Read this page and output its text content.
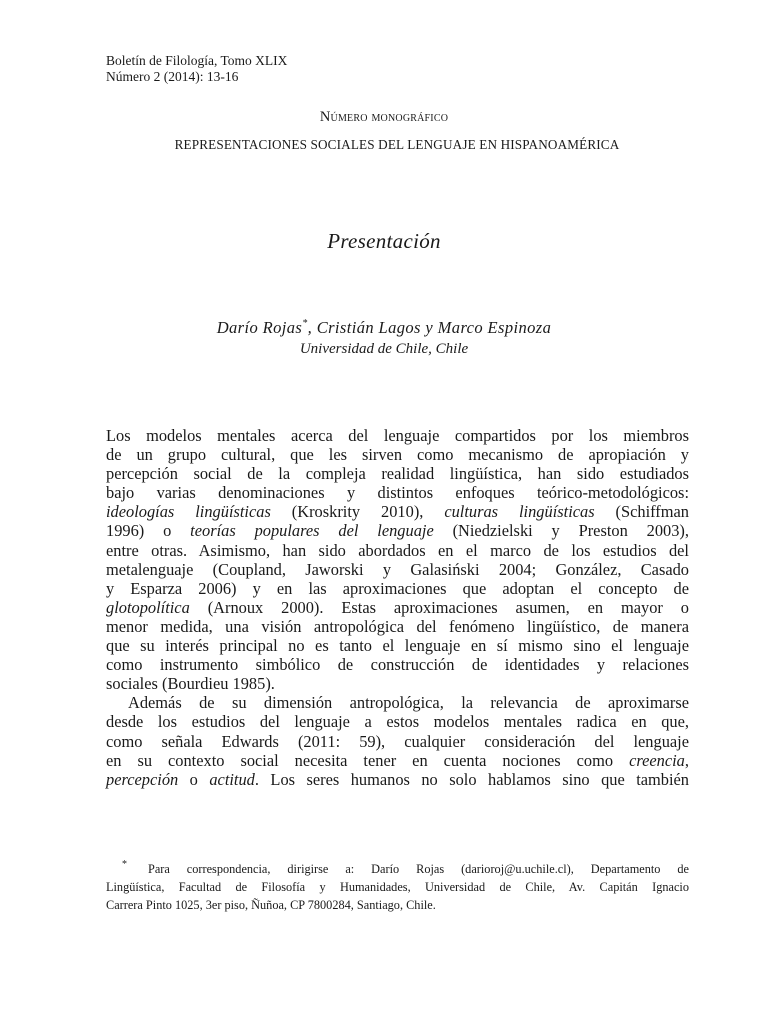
Boletín de Filología, Tomo XLIX
Número 2 (2014): 13-16
Número monográfico
REPRESENTACIONES SOCIALES DEL LENGUAJE EN HISPANOAMÉRICA
Presentación
Darío Rojas*, Cristián Lagos y Marco Espinoza
Universidad de Chile, Chile
Los modelos mentales acerca del lenguaje compartidos por los miembros
de un grupo cultural, que les sirven como mecanismo de apropiación y
percepción social de la compleja realidad lingüística, han sido estudiados
bajo varias denominaciones y distintos enfoques teórico-metodológicos:
ideologías lingüísticas (Kroskrity 2010), culturas lingüísticas (Schiffman
1996) o teorías populares del lenguaje (Niedzielski y Preston 2003),
entre otras. Asimismo, han sido abordados en el marco de los estudios del
metalenguaje (Coupland, Jaworski y Galasiński 2004; González, Casado
y Esparza 2006) y en las aproximaciones que adoptan el concepto de
glotopolítica (Arnoux 2000). Estas aproximaciones asumen, en mayor o
menor medida, una visión antropológica del fenómeno lingüístico, de manera
que su interés principal no es tanto el lenguaje en sí mismo sino el lenguaje
como instrumento simbólico de construcción de identidades y relaciones
sociales (Bourdieu 1985).
Además de su dimensión antropológica, la relevancia de aproximarse
desde los estudios del lenguaje a estos modelos mentales radica en que,
como señala Edwards (2011: 59), cualquier consideración del lenguaje
en su contexto social necesita tener en cuenta nociones como creencia,
percepción o actitud. Los seres humanos no solo hablamos sino que también
*	Para correspondencia, dirigirse a: Darío Rojas (darioroj@u.uchile.cl), Departamento de
Lingüística, Facultad de Filosofía y Humanidades, Universidad de Chile, Av. Capitán Ignacio
Carrera Pinto 1025, 3er piso, Ñuñoa, CP 7800284, Santiago, Chile.
